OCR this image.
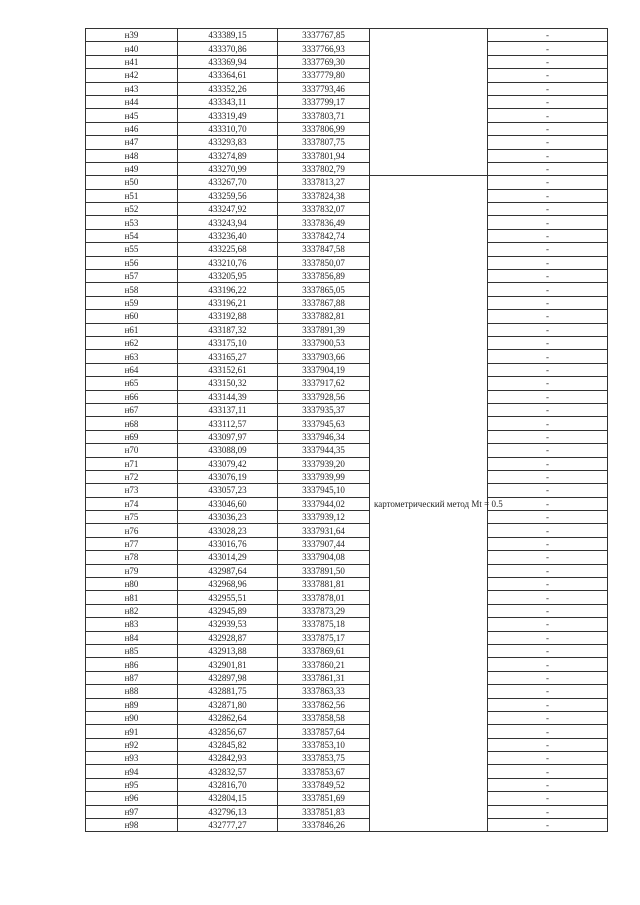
н39	433389,15	3337767,85		-
н40	433370,86	3337766,93		-
н41	433369,94	3337769,30		-
н42	433364,61	3337779,80		-
н43	433352,26	3337793,46		-
н44	433343,11	3337799,17		-
н45	433319,49	3337803,71		-
н46	433310,70	3337806,99		-
н47	433293,83	3337807,75		-
н48	433274,89	3337801,94		-
н49	433270,99	3337802,79		-
н50	433267,70	3337813,27	картометрический метод Mt = 0.5	-
н51	433259,56	3337824,38		-
н52	433247,92	3337832,07		-
н53	433243,94	3337836,49		-
н54	433236,40	3337842,74		-
н55	433225,68	3337847,58		-
н56	433210,76	3337850,07		-
н57	433205,95	3337856,89		-
н58	433196,22	3337865,05		-
н59	433196,21	3337867,88		-
н60	433192,88	3337882,81		-
н61	433187,32	3337891,39		-
н62	433175,10	3337900,53		-
н63	433165,27	3337903,66		-
н64	433152,61	3337904,19		-
н65	433150,32	3337917,62		-
н66	433144,39	3337928,56		-
н67	433137,11	3337935,37		-
н68	433112,57	3337945,63		-
н69	433097,97	3337946,34		-
н70	433088,09	3337944,35		-
н71	433079,42	3337939,20		-
н72	433076,19	3337939,99		-
н73	433057,23	3337945,10		-
н74	433046,60	3337944,02		-
н75	433036,23	3337939,12		-
н76	433028,23	3337931,64		-
н77	433016,76	3337907,44		-
н78	433014,29	3337904,08		-
н79	432987,64	3337891,50		-
н80	432968,96	3337881,81		-
н81	432955,51	3337878,01		-
н82	432945,89	3337873,29		-
н83	432939,53	3337875,18		-
н84	432928,87	3337875,17		-
н85	432913,88	3337869,61		-
н86	432901,81	3337860,21		-
н87	432897,98	3337861,31		-
н88	432881,75	3337863,33		-
н89	432871,80	3337862,56		-
н90	432862,64	3337858,58		-
н91	432856,67	3337857,64		-
н92	432845,82	3337853,10		-
н93	432842,93	3337853,75		-
н94	432832,57	3337853,67		-
н95	432816,70	3337849,52		-
н96	432804,15	3337851,69		-
н97	432796,13	3337851,83		-
н98	432777,27	3337846,26		-
